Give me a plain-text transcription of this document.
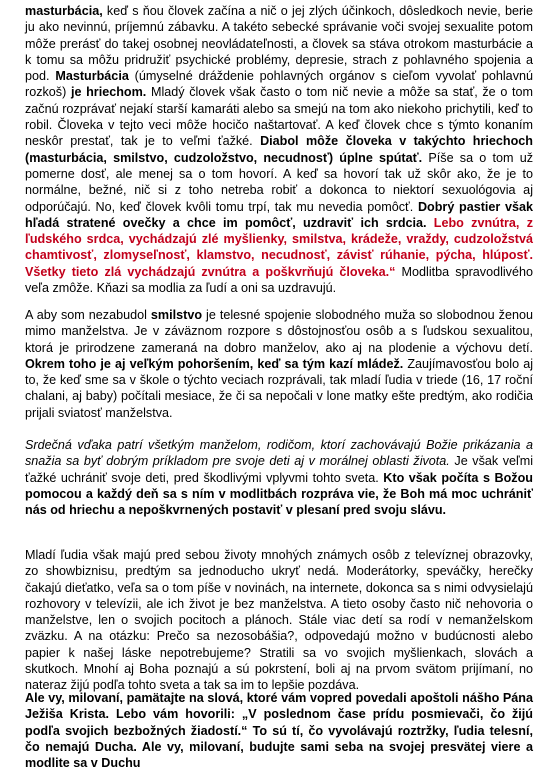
masturbácia, keď s ňou človek začína a nič o jej zlých účinkoch, dôsledkoch nevie, berie ju ako nevinnú, príjemnú zábavku. A takéto sebecké správanie voči svojej sexualite potom môže prerásť do takej osobnej neovládateľnosti, a človek sa stáva otrokom masturbácie a k tomu sa môžu pridružiť psychické problémy, depresie, strach z pohlavného spojenia a pod. Masturbácia (úmyselné dráždenie pohlavných orgánov s cieľom vyvolať pohlavnú rozkoš) je hriechom. Mladý človek však často o tom nič nevie a môže sa stať, že o tom začnú rozprávať nejakí starší kamaráti alebo sa smejú na tom ako niekoho prichytili, keď to robil. Človeka v tejto veci môže hocičo naštartovať. A keď človek chce s týmto konaním neskôr prestať, tak je to veľmi ťažké. Diabol môže človeka v takýchto hriechoch (masturbácia, smilstvo, cudzoložstvo, necudnosť) úplne spútať. Píše sa o tom už pomerne dosť, ale menej sa o tom hovorí. A keď sa hovorí tak už skôr ako, že je to normálne, bežné, nič si z toho netreba robiť a dokonca to niektorí sexuológovia aj odporúčajú. No, keď človek kvôli tomu trpí, tak mu nevedia pomôcť. Dobrý pastier však hľadá stratené ovečky a chce im pomôcť, uzdraviť ich srdcia. Lebo zvnútra, z ľudského srdca, vychádzajú zlé myšlienky, smilstva, krádeže, vraždy, cudzoložstvá chamtivosť, zlomyseľnosť, klamstvo, necudnosť, závisť rúhanie, pýcha, hlúposť. Všetky tieto zlá vychádzajú zvnútra a poškvrňujú človeka.“ Modlitba spravodlivého veľa zmôže. Kňazi sa modlia za ľudí a oni sa uzdravujú.

A aby som nezabudol smilstvo je telesné spojenie slobodného muža so slobodnou ženou mimo manželstva. Je v záväznom rozpore s dôstojnosťou osôb a s ľudskou sexualitou, ktorá je prirodzene zameraná na dobro manželov, ako aj na plodenie a výchovu detí. Okrem toho je aj veľkým pohoršením, keď sa tým kazí mládež. Zaujímavosťou bolo aj to, že keď sme sa v škole o týchto veciach rozprávali, tak mladí ľudia v triede (16, 17 roční chalani, aj baby) počítali mesiace, že či sa nepočali v lone matky ešte predtým, ako rodičia prijali sviatosť manželstva.

Srdečná vďaka patrí všetkým manželom, rodičom, ktorí zachovávajú Božie prikázania a snažia sa byť dobrým príkladom pre svoje deti aj v morálnej oblasti života. Je však veľmi ťažké uchrániť svoje deti, pred škodlivými vplyvmi tohto sveta. Kto však počíta s Božou pomocou a každý deň sa s ním v modlitbách rozpráva vie, že Boh má moc uchrániť nás od hriechu a nepoškvrnených postaviť v plesaní pred svoju slávu.

Mladí ľudia však majú pred sebou životy mnohých známych osôb z televíznej obrazovky, zo showbiznisu, predtým sa jednoducho ukryť nedá. Moderátorky, speváčky, herečky čakajú dieťatko, veľa sa o tom píše v novinách, na internete, dokonca sa s nimi odvysielajú rozhovory v televízii, ale ich život je bez manželstva. A tieto osoby často nič nehovoria o manželstve, len o svojich pocitoch a plánoch. Stále viac detí sa rodí v nemanželskom zväzku. A na otázku: Prečo sa nezosobášia?, odpovedajú možno v budúcnosti alebo papier k našej láske nepotrebujeme? Stratili sa vo svojich myšlienkach, slovách a skutkoch. Mnohí aj Boha poznajú a sú pokrstení, boli aj na prvom svätom prijímaní, no nateraz žijú podľa tohto sveta a tak sa im to lepšie pozdáva.

Ale vy, milovaní, pamätajte na slová, ktoré vám vopred povedali apoštoli nášho Pána Ježiša Krista. Lebo vám hovorili: „V poslednom čase prídu posmievači, čo žijú podľa svojich bezbožných žiadostí.“ To sú tí, čo vyvolávajú roztržky, ľudia telesní, čo nemajú Ducha. Ale vy, milovaní, budujte sami seba na svojej presvätej viere a modlite sa v Duchu
